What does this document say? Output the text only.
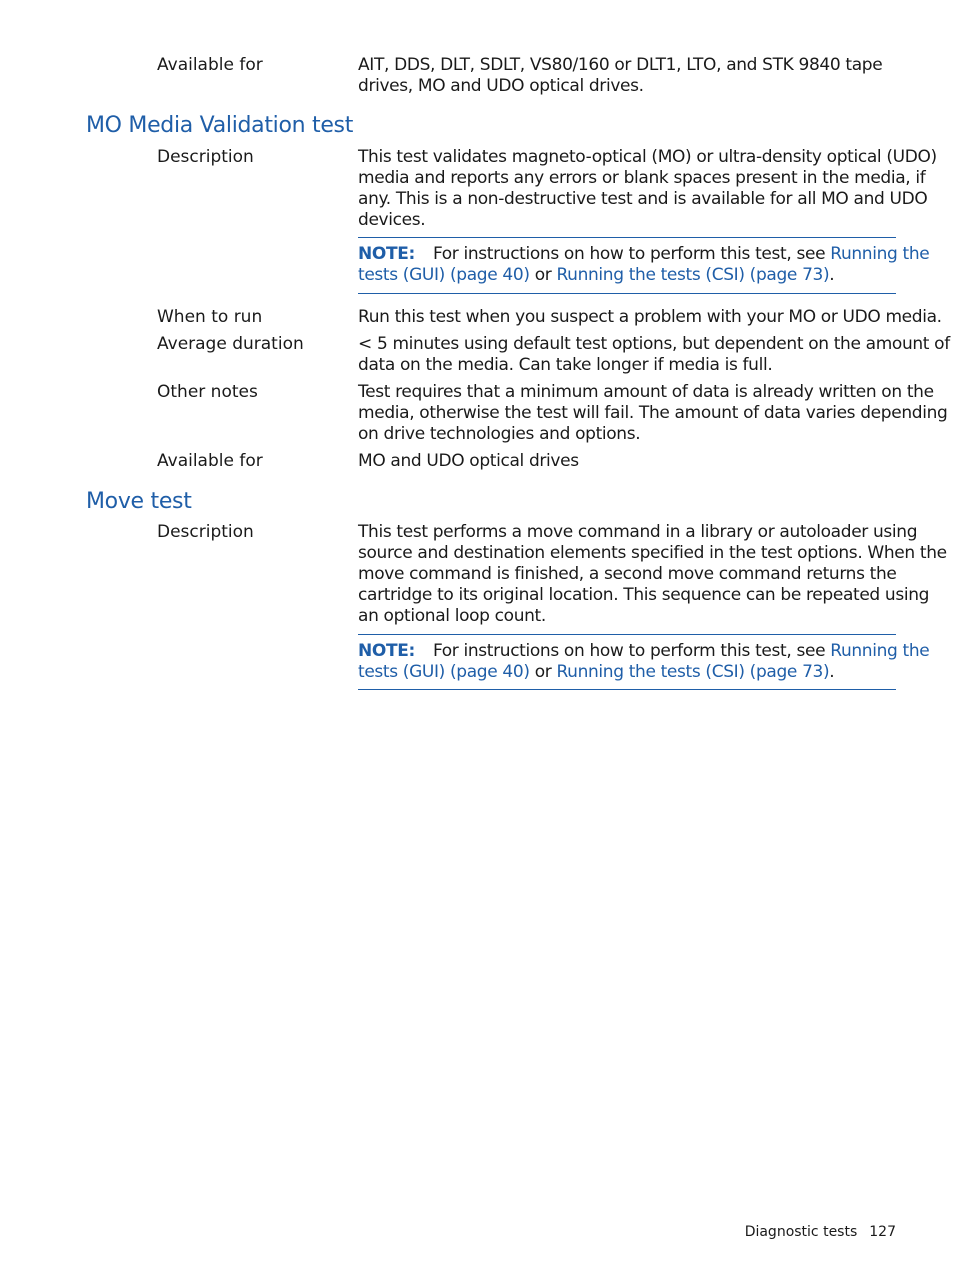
Available for	AIT, DDS, DLT, SDLT, VS80/160 or DLT1, LTO, and STK 9840 tape
drives, MO and UDO optical drives.
MO Media Validation test
Description	This test validates magneto-optical (MO) or ultra-density optical (UDO)
media and reports any errors or blank spaces present in the media, if
any. This is a non-destructive test and is available for all MO and UDO
devices.
NOTE: For instructions on how to perform this test, see Running the
tests (GUI) (page 40) or Running the tests (CSI) (page 73).
When to run	Run this test when you suspect a problem with your MO or UDO media.
Average duration	< 5 minutes using default test options, but dependent on the amount of
data on the media. Can take longer if media is full.
Other notes	Test requires that a minimum amount of data is already written on the
media, otherwise the test will fail. The amount of data varies depending
on drive technologies and options.
Available for	MO and UDO optical drives
Move test
Description	This test performs a move command in a library or autoloader using
source and destination elements specified in the test options. When the
move command is finished, a second move command returns the
cartridge to its original location. This sequence can be repeated using
an optional loop count.
NOTE: For instructions on how to perform this test, see Running the
tests (GUI) (page 40) or Running the tests (CSI) (page 73).
Diagnostic tests 127
